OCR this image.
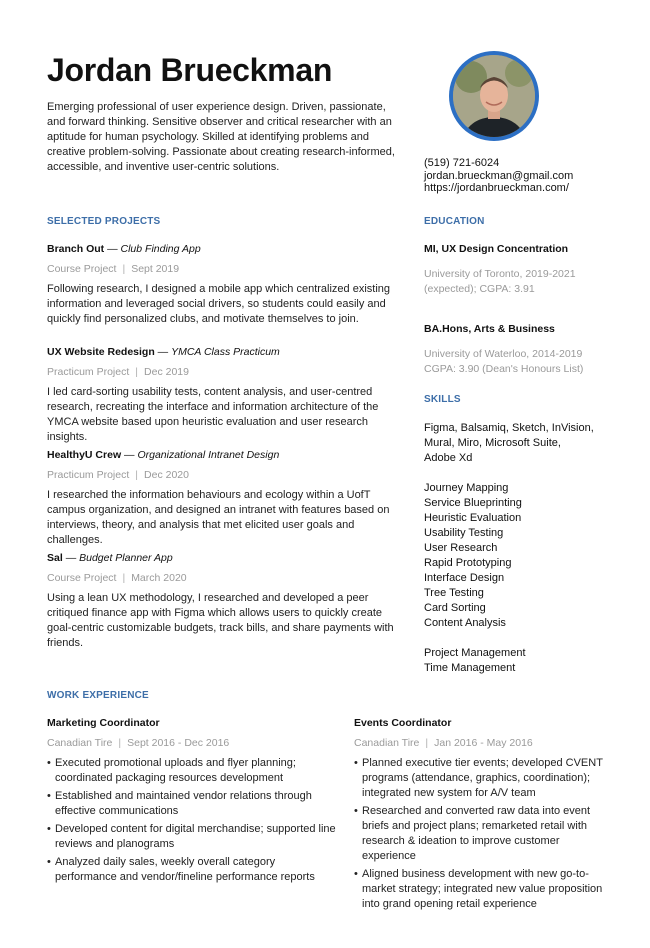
Jordan Brueckman
Emerging professional of user experience design. Driven, passionate, and forward thinking. Sensitive observer and critical researcher with an aptitude for human psychology. Skilled at identifying problems and creative problem-solving. Passionate about creating research-informed, accessible, and inventive user-centric solutions.	(519) 721-6024
jordan.brueckman@gmail.com
https://jordanbrueckman.com/
SELECTED PROJECTS
Branch Out — Club Finding App
Course Project | Sept 2019
Following research, I designed a mobile app which centralized existing information and leveraged social drivers, so students could easily and quickly find personalized clubs, and motivate themselves to join.
UX Website Redesign — YMCA Class Practicum
Practicum Project | Dec 2019
I led card-sorting usability tests, content analysis, and user-centred research, recreating the interface and information architecture of the YMCA website based upon heuristic evaluation and user research insights.
HealthyU Crew — Organizational Intranet Design
Practicum Project | Dec 2020
I researched the information behaviours and ecology within a UofT campus organization, and designed an intranet with features based on interviews, theory, and analysis that met elicited user goals and challenges.
Sal — Budget Planner App
Course Project | March 2020
Using a lean UX methodology, I researched and developed a peer critiqued finance app with Figma which allows users to quickly create goal-centric customizable budgets, track bills, and share payments with friends.
EDUCATION
MI, UX Design Concentration
University of Toronto, 2019-2021 (expected); CGPA: 3.91
BA.Hons, Arts & Business
University of Waterloo, 2014-2019 CGPA: 3.90 (Dean's Honours List)
SKILLS
Figma, Balsamiq, Sketch, InVision,
Mural, Miro, Microsoft Suite,
Adobe Xd
Journey Mapping
Service Blueprinting
Heuristic Evaluation
Usability Testing
User Research
Rapid Prototyping
Interface Design
Tree Testing
Card Sorting
Content Analysis
Project Management
Time Management
WORK EXPERIENCE
Marketing Coordinator
Canadian Tire | Sept 2016 - Dec 2016
• Executed promotional uploads and flyer planning; coordinated packaging resources development
• Established and maintained vendor relations through effective communications
• Developed content for digital merchandise; supported line reviews and planograms
• Analyzed daily sales, weekly overall category performance and vendor/fineline performance reports
Events Coordinator
Canadian Tire | Jan 2016 - May 2016
• Planned executive tier events; developed CVENT programs (attendance, graphics, coordination); integrated new system for A/V team
• Researched and converted raw data into event briefs and project plans; remarketed retail with research & ideation to improve customer experience
• Aligned business development with new go-to-market strategy; integrated new value proposition into grand opening retail experience
